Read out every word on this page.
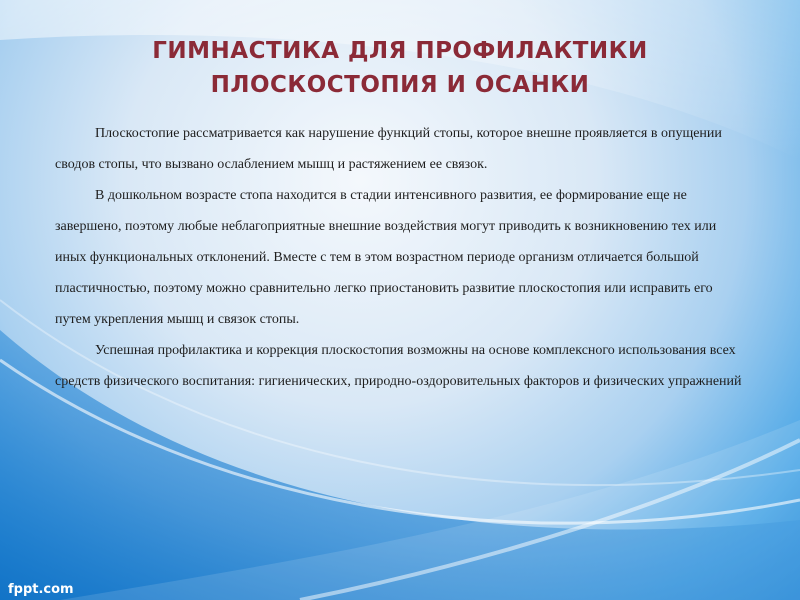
ГИМНАСТИКА ДЛЯ ПРОФИЛАКТИКИ
ПЛОСКОСТОПИЯ И ОСАНКИ

Плоскостопие рассматривается как нарушение функций стопы, которое внешне проявляется в опущении сводов стопы, что вызвано ослаблением мышц и растяжением ее связок.

В дошкольном возрасте стопа находится в стадии интенсивного развития, ее формирование еще не завершено, поэтому любые неблагоприятные внешние воздействия могут приводить к возникновению тех или иных функциональных отклонений. Вместе с тем в этом возрастном периоде организм отличается большой пластичностью, поэтому можно сравнительно легко приостановить развитие плоскостопия или исправить его путем укрепления мышц и связок стопы.

Успешная профилактика и коррекция плоскостопия возможны на основе комплексного использования всех средств физического воспитания: гигиенических, природно-оздоровительных факторов и физических упражнений

fppt.com
